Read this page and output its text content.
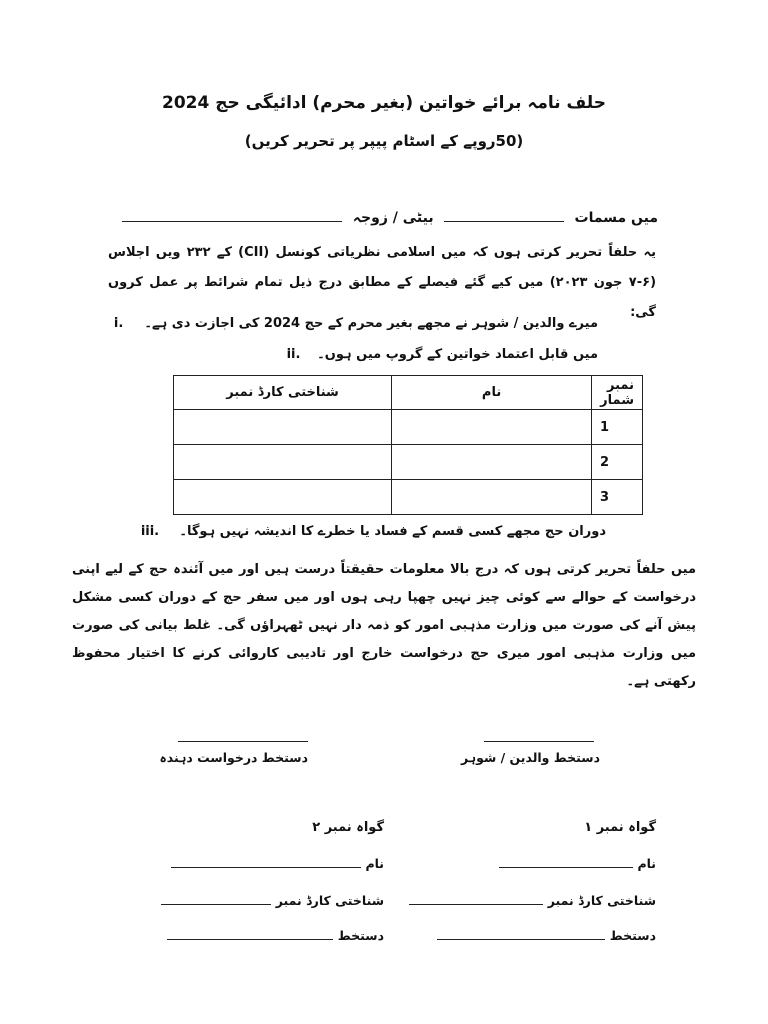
حلف نامہ برائے خواتین (بغیر محرم) ادائیگی حج 2024
(50روپے کے اسٹام پیپر پر تحریر کریں)
میں مسمات  بیٹی / زوجہ
یہ حلفاً تحریر کرتی ہوں کہ میں اسلامی نظریاتی کونسل (CII) کے ۲۳۲ ویں اجلاس (۶-۷ جون ۲۰۲۳) میں کیے گئے فیصلے کے مطابق درج ذیل تمام شرائط پر عمل کروں گی:
میرے والدین / شوہر نے مجھے بغیر محرم کے حج 2024 کی اجازت دی ہے۔ i.
میں قابل اعتماد خواتین کے گروپ میں ہوں۔ ii.
نمبر شمار	نام	شناختی کارڈ نمبر
1		
2		
3		
دوران حج مجھے کسی قسم کے فساد یا خطرے کا اندیشہ نہیں ہوگا۔ iii.
میں حلفاً تحریر کرتی ہوں کہ درج بالا معلومات حقیقتاً درست ہیں اور میں آئندہ حج کے لیے اپنی درخواست کے حوالے سے کوئی چیز نہیں چھپا رہی ہوں اور میں سفر حج کے دوران کسی مشکل پیش آنے کی صورت میں وزارت مذہبی امور کو ذمہ دار نہیں ٹھہراؤں گی۔ غلط بیانی کی صورت میں وزارت مذہبی امور میری حج درخواست خارج اور تادیبی کاروائی کرنے کا اختیار محفوظ رکھتی ہے۔
دستخط والدین / شوہر
دستخط درخواست دہندہ
گواہ نمبر ۱
نام
شناختی کارڈ نمبر
دستخط
گواہ نمبر ۲
نام
شناختی کارڈ نمبر
دستخط
